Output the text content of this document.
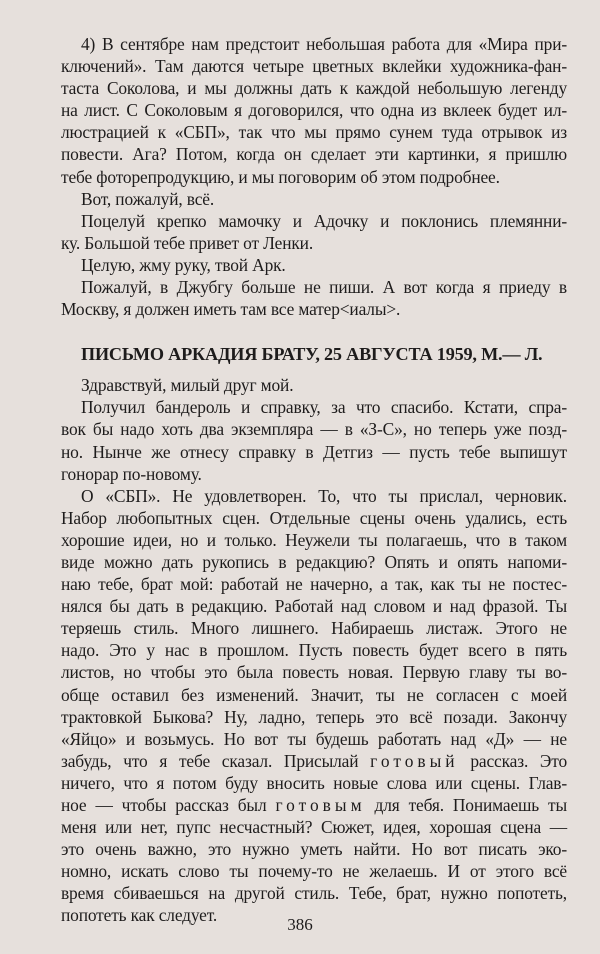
4) В сентябре нам предстоит небольшая работа для «Мира при-
ключений». Там даются четыре цветных вклейки художника-фан-
таста Соколова, и мы должны дать к каждой небольшую легенду
на лист. С Соколовым я договорился, что одна из вклеек будет ил-
люстрацией к «СБП», так что мы прямо сунем туда отрывок из
повести. Ага? Потом, когда он сделает эти картинки, я пришлю
тебе фоторепродукцию, и мы поговорим об этом подробнее.
Вот, пожалуй, всё.
Поцелуй крепко мамочку и Адочку и поклонись племянни-
ку. Большой тебе привет от Ленки.
Целую, жму руку, твой Арк.
Пожалуй, в Джубгу больше не пиши. А вот когда я приеду в
Москву, я должен иметь там все матер<иалы>.
ПИСЬМО АРКАДИЯ БРАТУ, 25 АВГУСТА 1959, М.— Л.
Здравствуй, милый друг мой.
Получил бандероль и справку, за что спасибо. Кстати, спра-
вок бы надо хоть два экземпляра — в «З-С», но теперь уже позд-
но. Нынче же отнесу справку в Детгиз — пусть тебе выпишут
гонорар по-новому.
О «СБП». Не удовлетворен. То, что ты прислал, черновик.
Набор любопытных сцен. Отдельные сцены очень удались, есть
хорошие идеи, но и только. Неужели ты полагаешь, что в таком
виде можно дать рукопись в редакцию? Опять и опять напоми-
наю тебе, брат мой: работай не начерно, а так, как ты не постес-
нялся бы дать в редакцию. Работай над словом и над фразой. Ты
теряешь стиль. Много лишнего. Набираешь листаж. Этого не
надо. Это у нас в прошлом. Пусть повесть будет всего в пять
листов, но чтобы это была повесть новая. Первую главу ты во-
обще оставил без изменений. Значит, ты не согласен с моей
трактовкой Быкова? Ну, ладно, теперь это всё позади. Закончу
«Яйцо» и возьмусь. Но вот ты будешь работать над «Д» — не
забудь, что я тебе сказал. Присылай готовый рассказ. Это
ничего, что я потом буду вносить новые слова или сцены. Глав-
ное — чтобы рассказ был готовым для тебя. Понимаешь ты
меня или нет, пупс несчастный? Сюжет, идея, хорошая сцена —
это очень важно, это нужно уметь найти. Но вот писать эко-
номно, искать слово ты почему-то не желаешь. И от этого всё
время сбиваешься на другой стиль. Тебе, брат, нужно попотеть,
попотеть как следует.	386
